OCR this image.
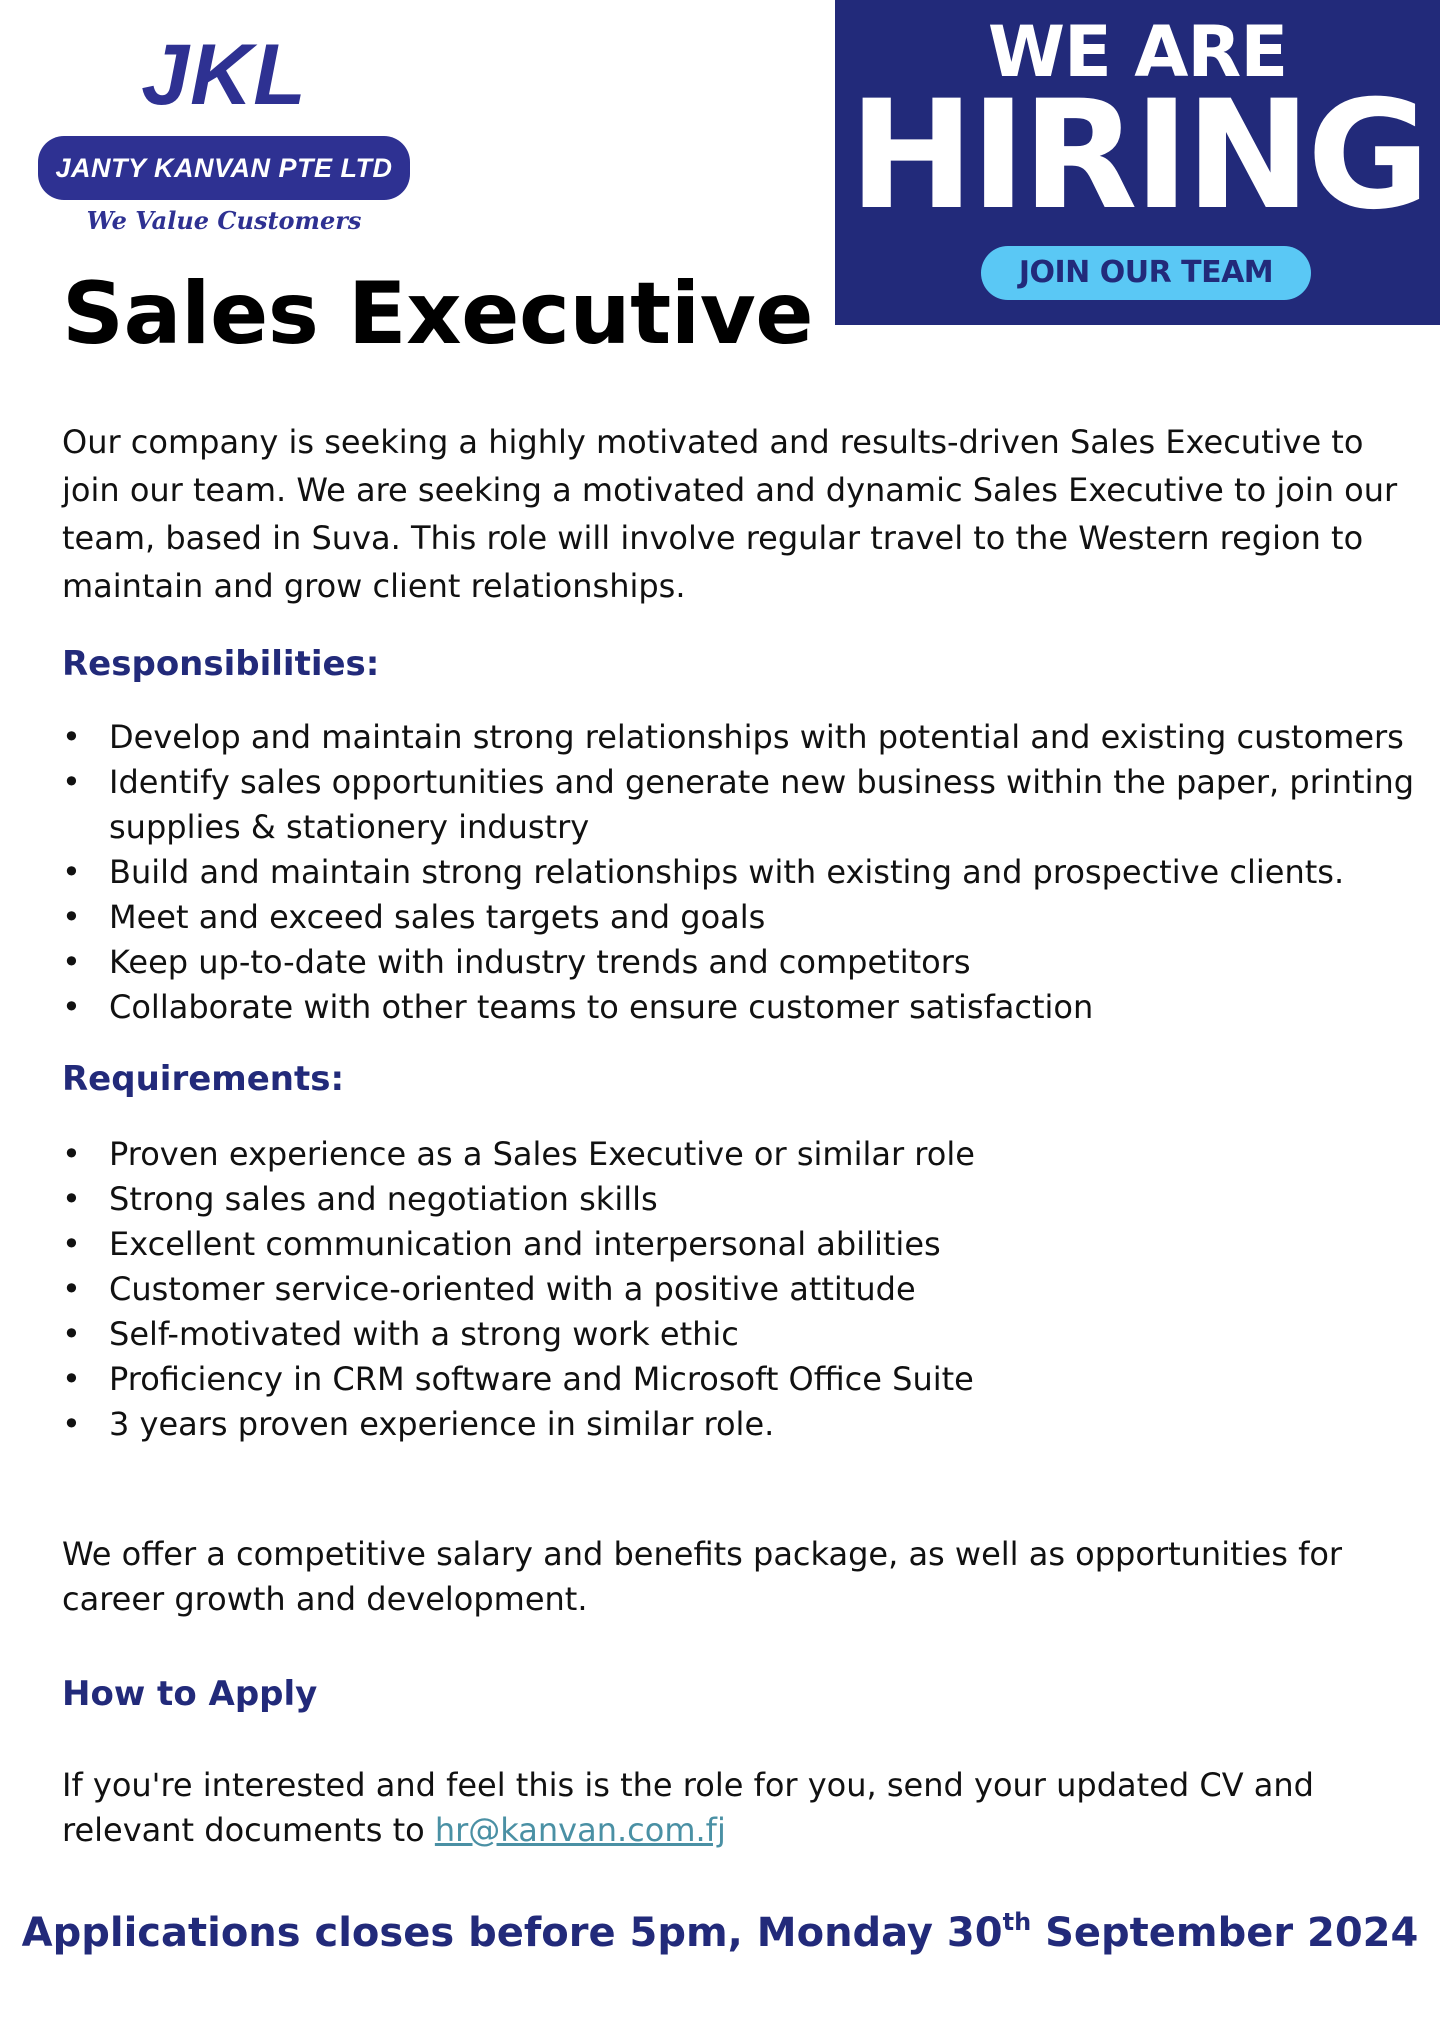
JKL
JANTY KANVAN PTE LTD
We Value Customers
WE ARE
HIRING
JOIN OUR TEAM
Sales Executive

Our company is seeking a highly motivated and results-driven Sales Executive to join our team. We are seeking a motivated and dynamic Sales Executive to join our team, based in Suva. This role will involve regular travel to the Western region to maintain and grow client relationships.

Responsibilities:
• Develop and maintain strong relationships with potential and existing customers
• Identify sales opportunities and generate new business within the paper, printing supplies & stationery industry
• Build and maintain strong relationships with existing and prospective clients.
• Meet and exceed sales targets and goals
• Keep up-to-date with industry trends and competitors
• Collaborate with other teams to ensure customer satisfaction
Requirements:
• Proven experience as a Sales Executive or similar role
• Strong sales and negotiation skills
• Excellent communication and interpersonal abilities
• Customer service-oriented with a positive attitude
• Self-motivated with a strong work ethic
• Proficiency in CRM software and Microsoft Office Suite
• 3 years proven experience in similar role.

We offer a competitive salary and benefits package, as well as opportunities for career growth and development.

How to Apply

If you're interested and feel this is the role for you, send your updated CV and relevant documents to hr@kanvan.com.fj

Applications closes before 5pm, Monday 30th September 2024
